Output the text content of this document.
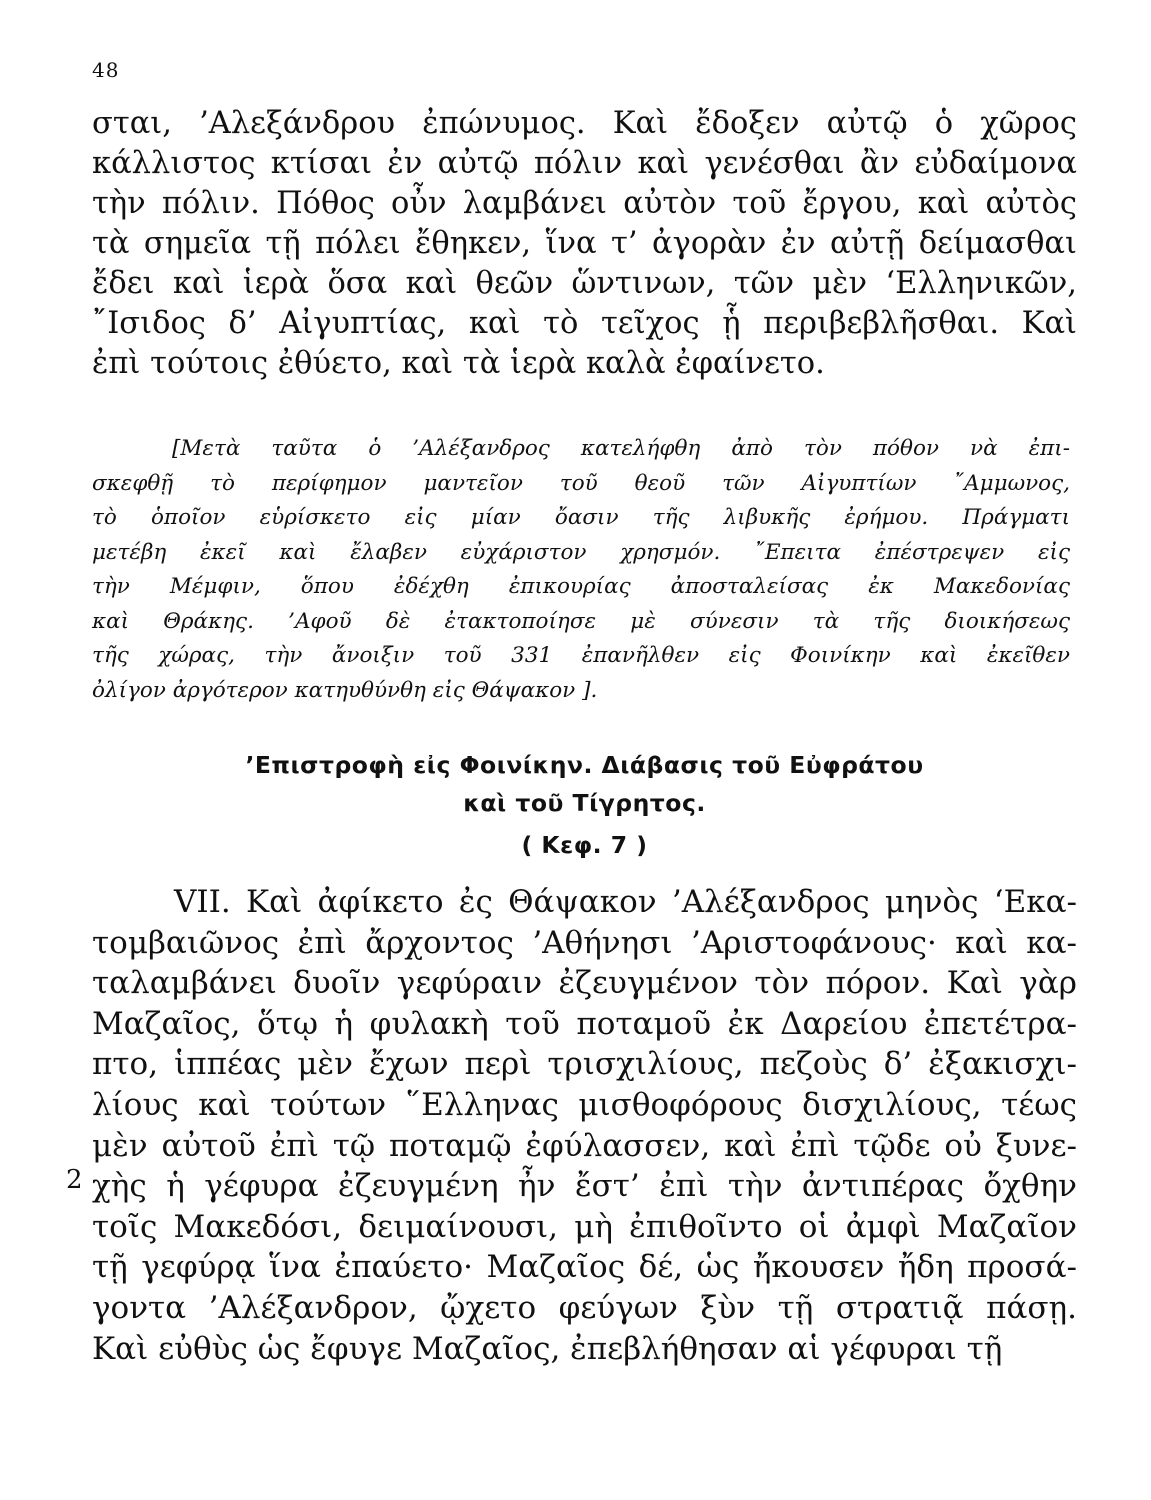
48
σται, ’Αλεξάνδρου ἐπώνυμος. Καὶ ἔδοξεν αὐτῷ ὁ χῶρος
κάλλιστος κτίσαι ἐν αὐτῷ πόλιν καὶ γενέσθαι ἂν εὐδαίμονα
τὴν πόλιν. Πόθος οὖν λαμβάνει αὐτὸν τοῦ ἔργου, καὶ αὐτὸς
τὰ σημεῖα τῇ πόλει ἔθηκεν, ἵνα τ’ ἀγορὰν ἐν αὐτῇ δείμασθαι
ἔδει καὶ ἱερὰ ὅσα καὶ θεῶν ὥντινων, τῶν μὲν ‘Ελληνικῶν,
῎Ισιδος δ’ Αἰγυπτίας, καὶ τὸ τεῖχος ᾗ περιβεβλῆσθαι. Καὶ
ἐπὶ τούτοις ἐθύετο, καὶ τὰ ἱερὰ καλὰ ἐφαίνετο.
[Μετὰ ταῦτα ὁ ’Αλέξανδρος κατελήφθη ἀπὸ τὸν πόθον νὰ ἐπι-
σκεφθῇ τὸ περίφημον μαντεῖον τοῦ θεοῦ τῶν Αἰγυπτίων ῎Αμμωνος,
τὸ ὁποῖον εὑρίσκετο εἰς μίαν ὄασιν τῆς λιβυκῆς ἐρήμου. Πράγματι
μετέβη ἐκεῖ καὶ ἔλαβεν εὐχάριστον χρησμόν. ῎Επειτα ἐπέστρεψεν εἰς
τὴν Μέμφιν, ὅπου ἐδέχθη ἐπικουρίας ἀποσταλείσας ἐκ Μακεδονίας
καὶ Θράκης. ’Αφοῦ δὲ ἐτακτοποίησε μὲ σύνεσιν τὰ τῆς διοικήσεως
τῆς χώρας, τὴν ἄνοιξιν τοῦ 331 ἐπανῆλθεν εἰς Φοινίκην καὶ ἐκεῖθεν
ὀλίγον ἀργότερον κατηυθύνθη εἰς Θάψακον ].
’Επιστροφὴ εἰς Φοινίκην. Διάβασις τοῦ Εὐφράτου
καὶ τοῦ Τίγρητος.
( Κεφ. 7 )
VII. Καὶ ἀφίκετο ἐς Θάψακον ’Αλέξανδρος μηνὸς ‘Εκα-
τομβαιῶνος ἐπὶ ἄρχοντος ’Αθήνησι ’Αριστοφάνους· καὶ κα-
ταλαμβάνει δυοῖν γεφύραιν ἐζευγμένον τὸν πόρον. Καὶ γὰρ
Μαζαῖος, ὅτῳ ἡ φυλακὴ τοῦ ποταμοῦ ἐκ Δαρείου ἐπετέτρα-
πτο, ἱππέας μὲν ἔχων περὶ τρισχιλίους, πεζοὺς δ’ ἐξακισχι-
λίους καὶ τούτων ῞Ελληνας μισθοφόρους δισχιλίους, τέως
μὲν αὐτοῦ ἐπὶ τῷ ποταμῷ ἐφύλασσεν, καὶ ἐπὶ τῷδε οὐ ξυνε-
χὴς ἡ γέφυρα ἐζευγμένη ἦν ἔστ’ ἐπὶ τὴν ἀντιπέρας ὄχθην
τοῖς Μακεδόσι, δειμαίνουσι, μὴ ἐπιθοῖντο οἱ ἀμφὶ Μαζαῖον
τῇ γεφύρᾳ ἵνα ἐπαύετο· Μαζαῖος δέ, ὡς ἤκουσεν ἤδη προσά-
γοντα ’Αλέξανδρον, ᾤχετο φεύγων ξὺν τῇ στρατιᾷ πάσῃ.
Καὶ εὐθὺς ὡς ἔφυγε Μαζαῖος, ἐπεβλήθησαν αἱ γέφυραι τῇ
2
